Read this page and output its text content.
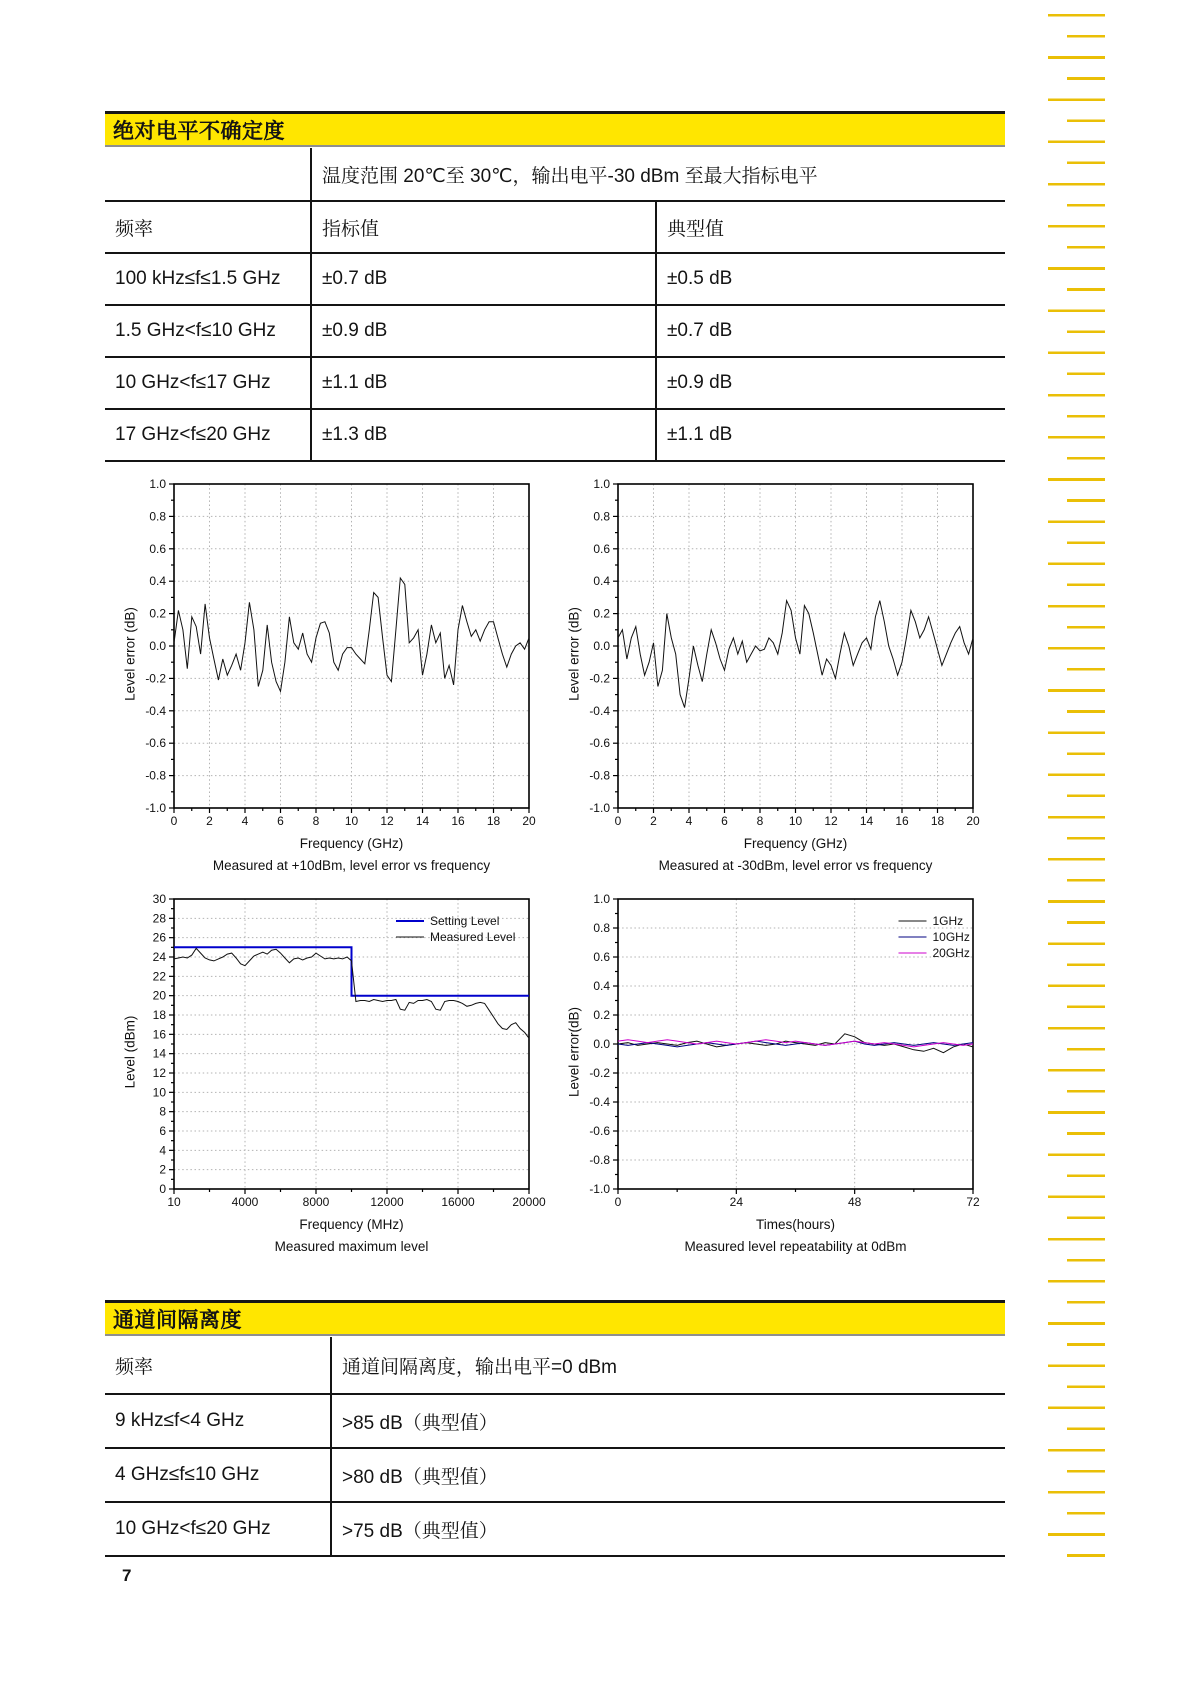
绝对电平不确定度
温度范围 20℃至 30℃，输出电平-30 dBm 至最大指标电平
频率	指标值	典型值
100 kHz≤f≤1.5 GHz	±0.7 dB	±0.5 dB
1.5 GHz<f≤10 GHz	±0.9 dB	±0.7 dB
10 GHz<f≤17 GHz	±1.1 dB	±0.9 dB
17 GHz<f≤20 GHz	±1.3 dB	±1.1 dB
Level error (dB)
0 2 4 6 8 10 12 14 16 18 20
-1.0
-0.8
-0.6
-0.4
-0.2
0.0
0.2
0.4
0.6
0.8
1.0
Frequency (GHz)
Measured at +10dBm, level error vs frequency
Level error (dB)
0 2 4 6 8 10 12 14 16 18 20
-1.0
-0.8
-0.6
-0.4
-0.2
0.0
0.2
0.4
0.6
0.8
1.0
Frequency (GHz)
Measured at -30dBm, level error vs frequency
Level (dBm)
10	4000	8000	12000	16000	20000
0
2
4
6
8
10
12
14
16
18
20
22
24
26
28
30
Setting Level
Measured Level
Frequency (MHz)
Measured maximum level
Level error(dB)
0	24	48	72
-1.0
-0.8
-0.6
-0.4
-0.2
0.0
0.2
0.4
0.6
0.8
1.0
1GHz
10GHz
20GHz
Times(hours)
Measured level repeatability at 0dBm
通道间隔离度
频率	通道间隔离度，输出电平=0 dBm
9 kHz≤f<4 GHz	>85 dB（典型值）
4 GHz≤f≤10 GHz	>80 dB（典型值）
10 GHz<f≤20 GHz	>75 dB（典型值）
7
